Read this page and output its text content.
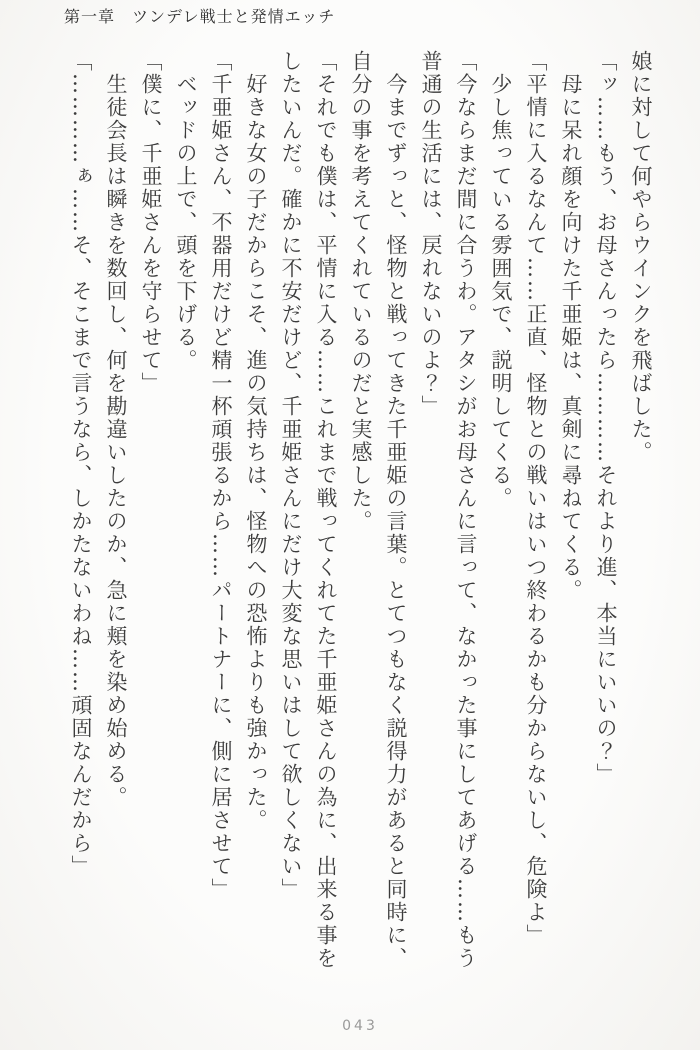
第一章　ツンデレ戦士と発情エッチ
娘に対して何やらウインクを飛ばした。
「ッ……もう、お母さんったら…………それより進、本当にいいの？」
母に呆れ顔を向けた千亜姫は、真剣に尋ねてくる。
「平情に入るなんて……正直、怪物との戦いはいつ終わるかも分からないし、危険よ」
少し焦っている雰囲気で、説明してくる。
「今ならまだ間に合うわ。アタシがお母さんに言って、なかった事にしてあげる……もう
普通の生活には、戻れないのよ？」
今までずっと、怪物と戦ってきた千亜姫の言葉。とてつもなく説得力があると同時に、
自分の事を考えてくれているのだと実感した。
「それでも僕は、平情に入る……これまで戦ってくれてた千亜姫さんの為に、出来る事を
したいんだ。確かに不安だけど、千亜姫さんにだけ大変な思いはして欲しくない」
好きな女の子だからこそ、進の気持ちは、怪物への恐怖よりも強かった。
「千亜姫さん、不器用だけど精一杯頑張るから……パートナーに、側に居させて」
ベッドの上で、頭を下げる。
「僕に、千亜姫さんを守らせて」
生徒会長は瞬きを数回し、何を勘違いしたのか、急に頬を染め始める。
「…………ぁ……そ、そこまで言うなら、しかたないわね……頑固なんだから」
043
